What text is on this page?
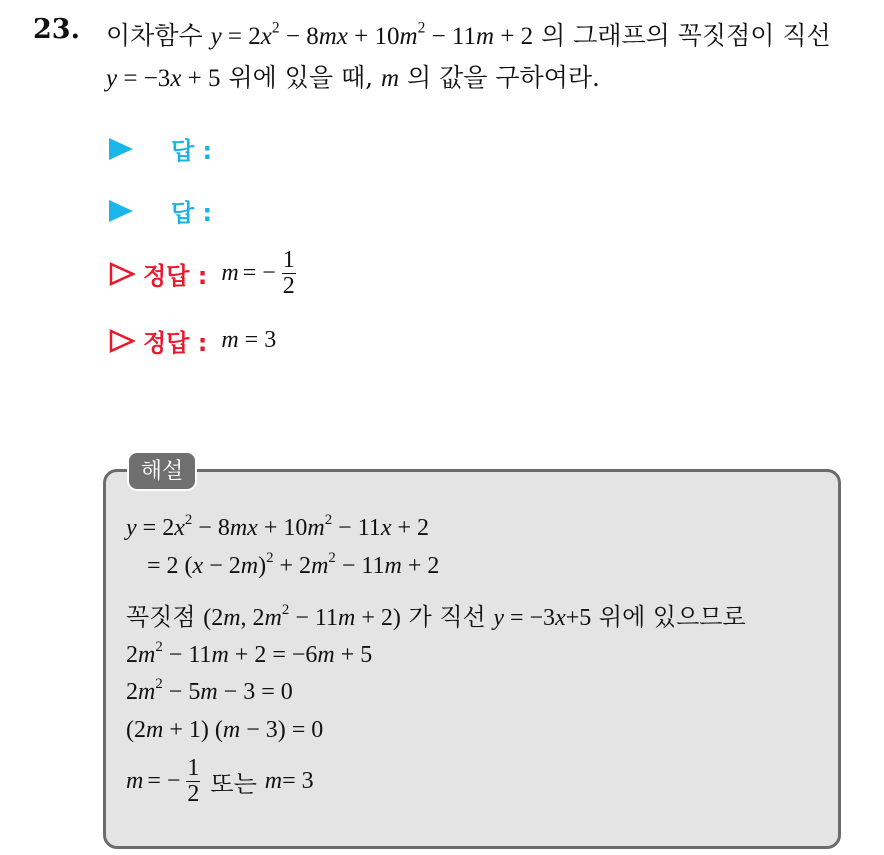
23. 이차함수 $y = 2x^2 - 8mx + 10m^2 - 11m + 2$ 의 그래프의 꼭짓점이 직선
y = −3x + 5 위에 있을 때, m 의 값을 구하여라.
답 :
답 :
정답 : m = − $\frac{1}{2}$
정답 : m = 3
해설
$y = 2x^2 - 8mx + 10m^2 - 11x + 2$
= 2 $(x - 2m)^2 + 2m^2 - 11m + 2$
꼭짓점 (2m, $2m^2 - 11m + 2$) 가 직선 y = −3x+5 위에 있으므로
$2m^2 - 11m + 2 = -6m + 5$
$2m^2 - 5m - 3 = 0$
(2m + 1) (m − 3) = 0
m = − $\frac{1}{2}$ 또는 m = 3
